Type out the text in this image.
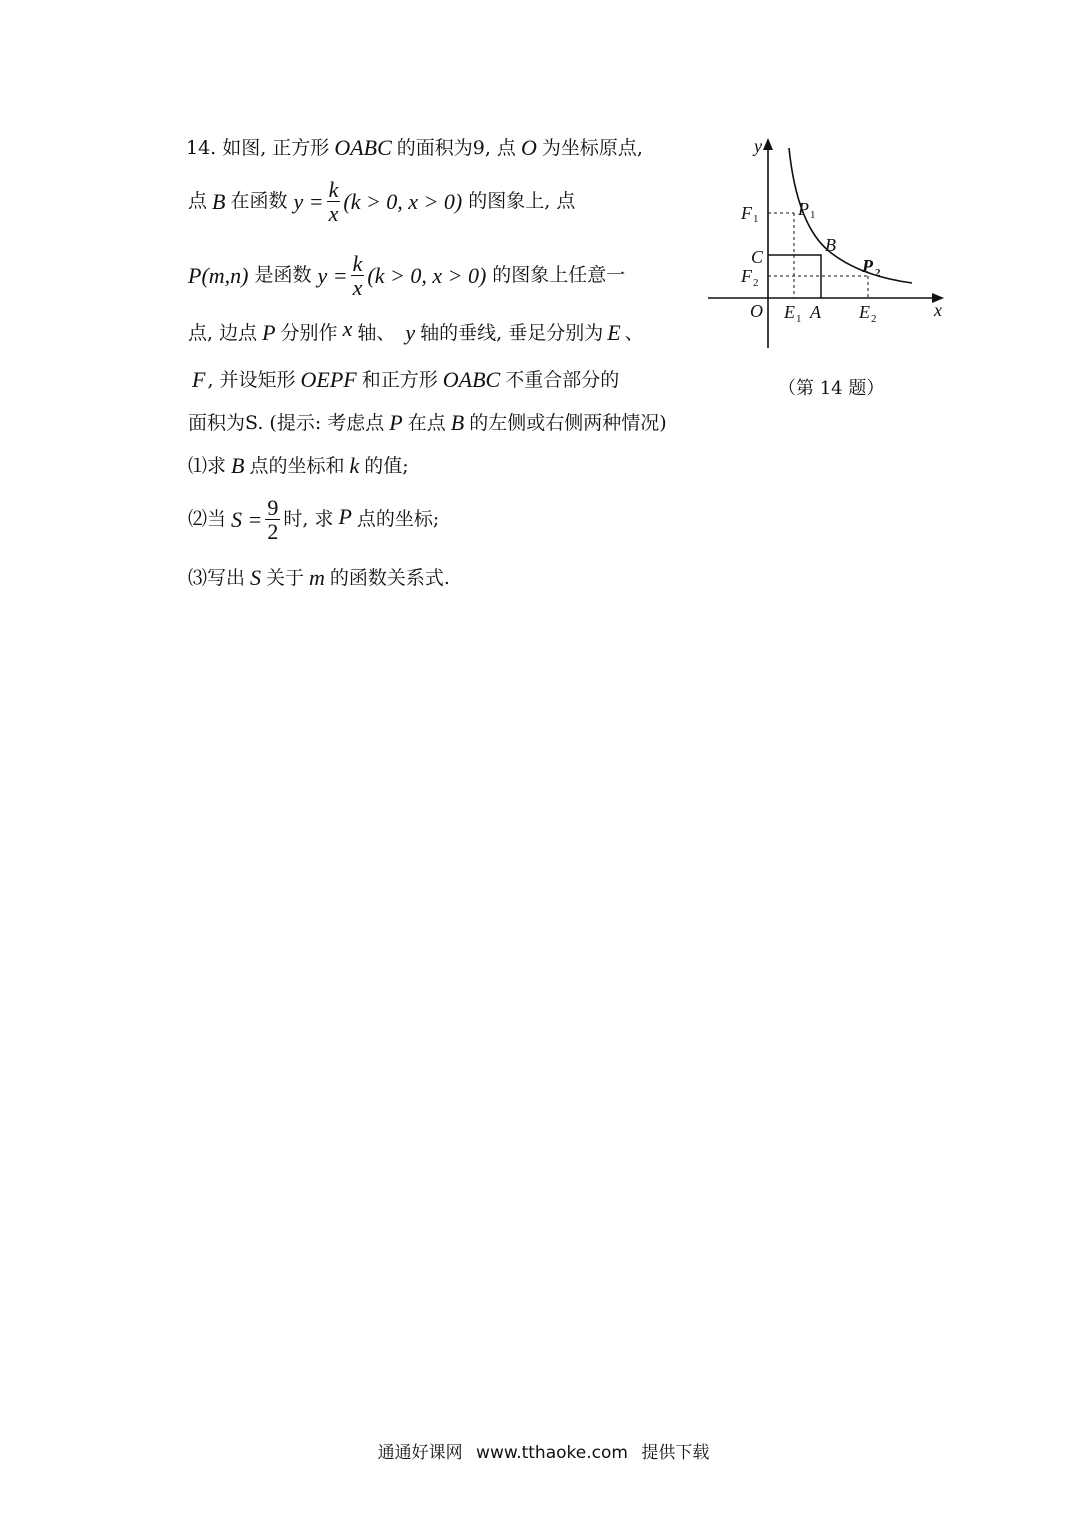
14. 如图, 正方形 OABC 的面积为9, 点 O 为坐标原点,
点 B 在函数 $y = \frac{k}{x} (k > 0$, x > 0) 的图象上, 点
P(m,n) 是函数 $y = \frac{k}{x} (k > 0$, x > 0) 的图象上任意一
点, 边点 P 分别作 x 轴、 y 轴的垂线, 垂足分别为 E 、
F , 并设矩形 OEPF 和正方形 OABC 不重合部分的
面积为S. (提示: 考虑点 P 在点 B 的左侧或右侧两种情况)
⑴求 B 点的坐标和 k 的值;
⑵当 $S = \frac{9}{2}$ 时, 求 P 点的坐标;
⑶写出 S 关于 m 的函数关系式.
y
x
O
F 1 P 1
C
B
P 2
F 2
E 1 A E 2
（第 14 题）
通通好课网 www.tthaoke.com 提供下载
